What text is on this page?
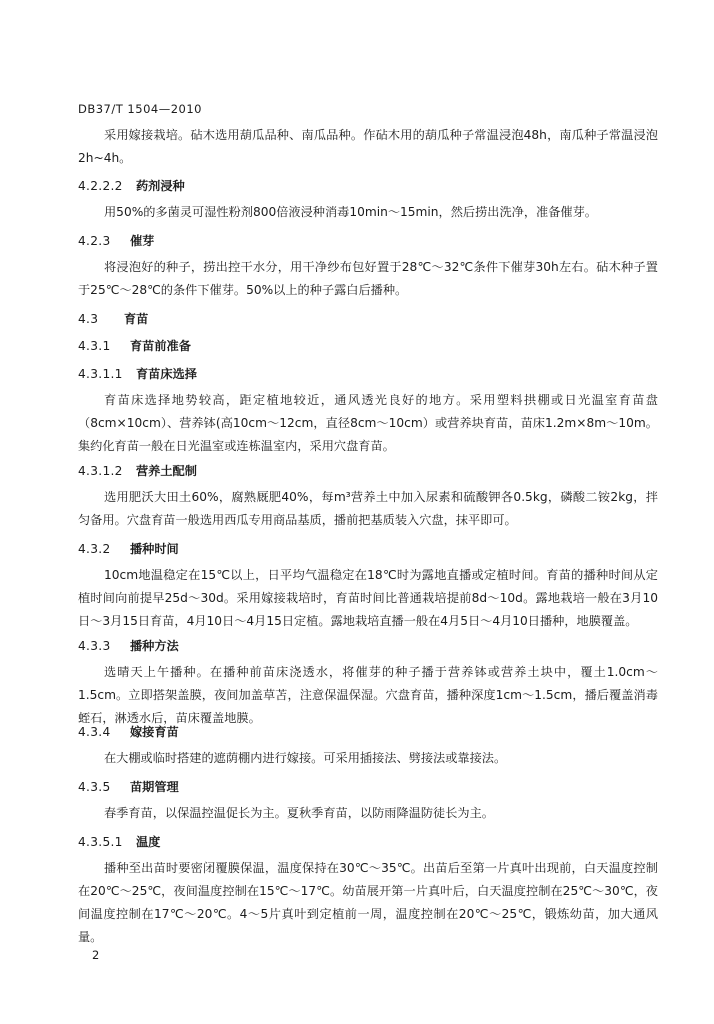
DB37/T 1504—2010
采用嫁接栽培。砧木选用葫瓜品种、南瓜品种。作砧木用的葫瓜种子常温浸泡48h，南瓜种子常温浸泡2h~4h。
4.2.2.2 药剂浸种
用50%的多菌灵可湿性粉剂800倍液浸种消毒10min～15min，然后捞出洗净，准备催芽。
4.2.3 催芽
将浸泡好的种子，捞出控干水分，用干净纱布包好置于28℃～32℃条件下催芽30h左右。砧木种子置于25℃～28℃的条件下催芽。50%以上的种子露白后播种。
4.3 育苗
4.3.1 育苗前准备
4.3.1.1 育苗床选择
育苗床选择地势较高，距定植地较近，通风透光良好的地方。采用塑料拱棚或日光温室育苗盘（8cm×10cm）、营养钵(高10cm～12cm，直径8cm～10cm）或营养块育苗，苗床1.2m×8m～10m。集约化育苗一般在日光温室或连栋温室内，采用穴盘育苗。
4.3.1.2 营养土配制
选用肥沃大田土60%，腐熟厩肥40%，每m³营养土中加入尿素和硫酸钾各0.5kg，磷酸二铵2kg，拌匀备用。穴盘育苗一般选用西瓜专用商品基质，播前把基质装入穴盘，抹平即可。
4.3.2 播种时间
10cm地温稳定在15℃以上，日平均气温稳定在18℃时为露地直播或定植时间。育苗的播种时间从定植时间向前提早25d～30d。采用嫁接栽培时，育苗时间比普通栽培提前8d～10d。露地栽培一般在3月10日～3月15日育苗，4月10日～4月15日定植。露地栽培直播一般在4月5日～4月10日播种，地膜覆盖。
4.3.3 播种方法
选晴天上午播种。在播种前苗床浇透水，将催芽的种子播于营养钵或营养土块中，覆土1.0cm～1.5cm。立即搭架盖膜，夜间加盖草苫，注意保温保湿。穴盘育苗，播种深度1cm～1.5cm，播后覆盖消毒蛭石，淋透水后，苗床覆盖地膜。
4.3.4 嫁接育苗
在大棚或临时搭建的遮荫棚内进行嫁接。可采用插接法、劈接法或靠接法。
4.3.5 苗期管理
春季育苗，以保温控温促长为主。夏秋季育苗，以防雨降温防徒长为主。
4.3.5.1 温度
播种至出苗时要密闭覆膜保温，温度保持在30℃～35℃。出苗后至第一片真叶出现前，白天温度控制在20℃～25℃，夜间温度控制在15℃～17℃。幼苗展开第一片真叶后，白天温度控制在25℃～30℃，夜间温度控制在17℃～20℃。4～5片真叶到定植前一周，温度控制在20℃～25℃，锻炼幼苗，加大通风量。
2
